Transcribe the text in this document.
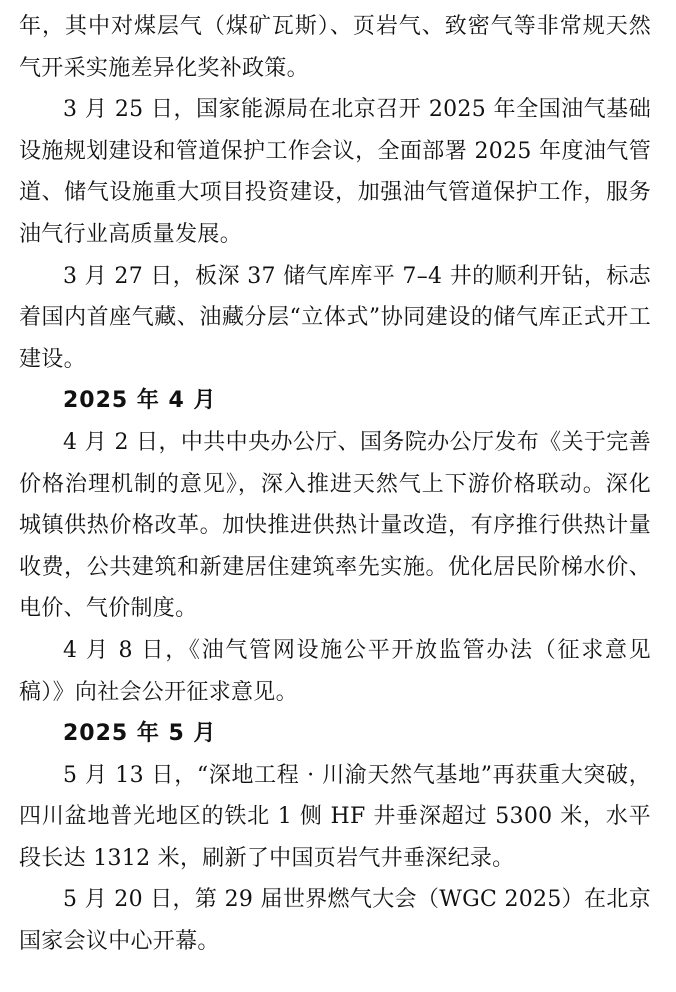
年，其中对煤层气（煤矿瓦斯）、页岩气、致密气等非常规天然气开采实施差异化奖补政策。

3 月 25 日，国家能源局在北京召开 2025 年全国油气基础设施规划建设和管道保护工作会议，全面部署 2025 年度油气管道、储气设施重大项目投资建设，加强油气管道保护工作，服务油气行业高质量发展。

3 月 27 日，板深 37 储气库库平 7–4 井的顺利开钻，标志着国内首座气藏、油藏分层“立体式”协同建设的储气库正式开工建设。

2025 年 4 月

4 月 2 日，中共中央办公厅、国务院办公厅发布《关于完善价格治理机制的意见》，深入推进天然气上下游价格联动。深化城镇供热价格改革。加快推进供热计量改造，有序推行供热计量收费，公共建筑和新建居住建筑率先实施。优化居民阶梯水价、电价、气价制度。

4 月 8 日，《油气管网设施公平开放监管办法（征求意见稿）》向社会公开征求意见。

2025 年 5 月

5 月 13 日，“深地工程 · 川渝天然气基地”再获重大突破，四川盆地普光地区的铁北 1 侧 HF 井垂深超过 5300 米，水平段长达 1312 米，刷新了中国页岩气井垂深纪录。

5 月 20 日，第 29 届世界燃气大会（WGC 2025）在北京国家会议中心开幕。
